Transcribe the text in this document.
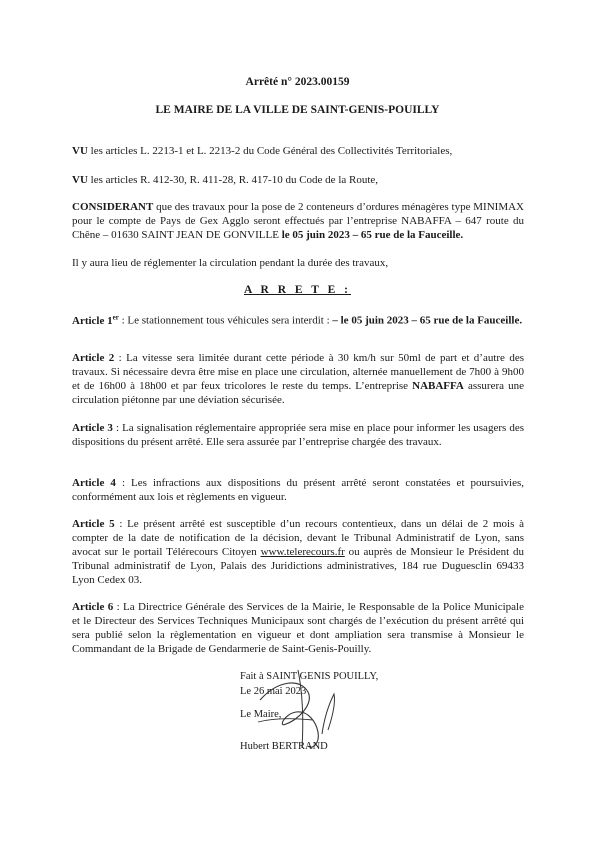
Arrêté n° 2023.00159
LE MAIRE DE LA VILLE DE SAINT-GENIS-POUILLY

VU les articles L. 2213-1 et L. 2213-2 du Code Général des Collectivités Territoriales,

VU les articles R. 412-30, R. 411-28, R. 417-10 du Code de la Route,

CONSIDERANT que des travaux pour la pose de 2 conteneurs d’ordures ménagères type MINIMAX pour le compte de Pays de Gex Agglo seront effectués par l’entreprise NABAFFA – 647 route du Chêne – 01630 SAINT JEAN DE GONVILLE le 05 juin 2023 – 65 rue de la Fauceille.

Il y aura lieu de réglementer la circulation pendant la durée des travaux,

A R R E T E :

Article 1er : Le stationnement tous véhicules sera interdit : – le 05 juin 2023 – 65 rue de la Fauceille.

Article 2 : La vitesse sera limitée durant cette période à 30 km/h sur 50ml de part et d’autre des travaux. Si nécessaire devra être mise en place une circulation, alternée manuellement de 7h00 à 9h00 et de 16h00 à 18h00 et par feux tricolores le reste du temps. L’entreprise NABAFFA assurera une circulation piétonne par une déviation sécurisée.

Article 3 : La signalisation réglementaire appropriée sera mise en place pour informer les usagers des dispositions du présent arrêté. Elle sera assurée par l’entreprise chargée des travaux.

Article 4 : Les infractions aux dispositions du présent arrêté seront constatées et poursuivies, conformément aux lois et règlements en vigueur.

Article 5 : Le présent arrêté est susceptible d’un recours contentieux, dans un délai de 2 mois à compter de la date de notification de la décision, devant le Tribunal Administratif de Lyon, sans avocat sur le portail Télérecours Citoyen www.telerecours.fr ou auprès de Monsieur le Président du Tribunal administratif de Lyon, Palais des Juridictions administratives, 184 rue Duguesclin 69433 Lyon Cedex 03.

Article 6 : La Directrice Générale des Services de la Mairie, le Responsable de la Police Municipale et le Directeur des Services Techniques Municipaux sont chargés de l’exécution du présent arrêté qui sera publié selon la règlementation en vigueur et dont ampliation sera transmise à Monsieur le Commandant de la Brigade de Gendarmerie de Saint-Genis-Pouilly.

Fait à SAINT GENIS POUILLY,
Le 26 mai 2023
Le Maire,
Hubert BERTRAND
